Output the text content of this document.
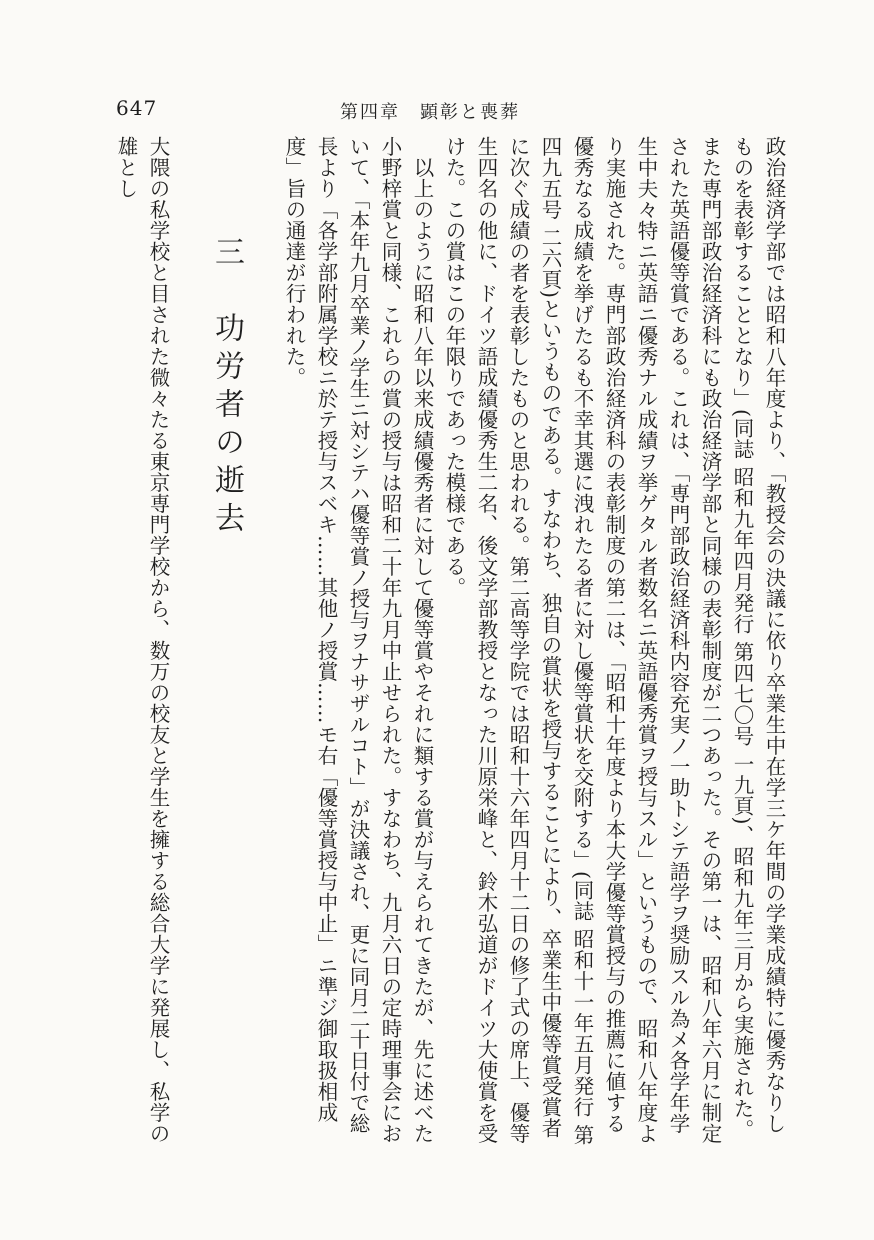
647	第四章　顕彰と喪葬

政治経済学部では昭和八年度より、「教授会の決議に依り卒業生中在学三ケ年間の学業成績特に優秀なりしものを表彰することとなり」(同誌 昭和九年四月発行 第四七〇号 一九頁)、昭和九年三月から実施された。また専門部政治経済科にも政治経済学部と同様の表彰制度が二つあった。その第一は、昭和八年六月に制定された英語優等賞である。これは、「専門部政治経済科内容充実ノ一助トシテ語学ヲ奨励スル為メ各学年学生中夫々特ニ英語ニ優秀ナル成績ヲ挙ゲタル者数名ニ英語優秀賞ヲ授与スル」というもので、昭和八年度より実施された。専門部政治経済科の表彰制度の第二は、「昭和十年度より本大学優等賞授与の推薦に値する優秀なる成績を挙げたるも不幸其選に洩れたる者に対し優等賞状を交附する」(同誌 昭和十一年五月発行 第四九五号 二六頁)というものである。すなわち、独自の賞状を授与することにより、卒業生中優等賞受賞者に次ぐ成績の者を表彰したものと思われる。第二高等学院では昭和十六年四月十二日の修了式の席上、優等生四名の他に、ドイツ語成績優秀生二名、後文学部教授となった川原栄峰と、鈴木弘道がドイツ大使賞を受けた。この賞はこの年限りであった模様である。

以上のように昭和八年以来成績優秀者に対して優等賞やそれに類する賞が与えられてきたが、先に述べた小野梓賞と同様、これらの賞の授与は昭和二十年九月中止せられた。すなわち、九月六日の定時理事会において、「本年九月卒業ノ学生ニ対シテハ優等賞ノ授与ヲナサザルコト」が決議され、更に同月二十日付で総長より「各学部附属学校ニ於テ授与スベキ……其他ノ授賞……モ右「優等賞授与中止」ニ準ジ御取扱相成度」旨の通達が行われた。

三　功労者の逝去

大隈の私学校と目された微々たる東京専門学校から、数万の校友と学生を擁する総合大学に発展し、私学の雄とし
